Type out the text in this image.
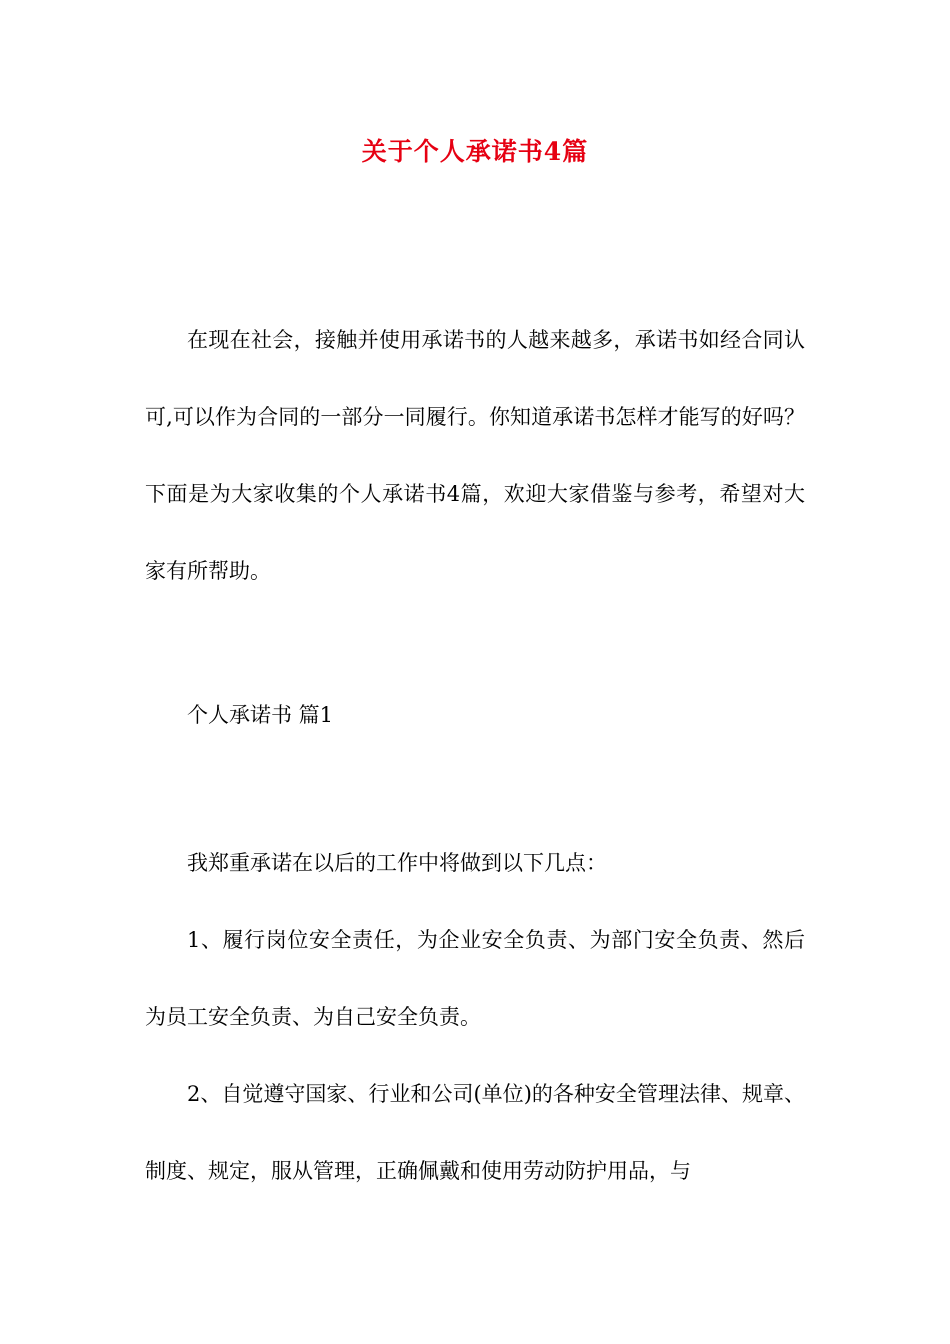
关于个人承诺书4篇

在现在社会，接触并使用承诺书的人越来越多，承诺书如经合同认可,可以作为合同的一部分一同履行。你知道承诺书怎样才能写的好吗？下面是为大家收集的个人承诺书4篇，欢迎大家借鉴与参考，希望对大家有所帮助。

个人承诺书 篇1

我郑重承诺在以后的工作中将做到以下几点：

1、履行岗位安全责任，为企业安全负责、为部门安全负责、然后为员工安全负责、为自己安全负责。

2、自觉遵守国家、行业和公司(单位)的各种安全管理法律、规章、制度、规定，服从管理，正确佩戴和使用劳动防护用品，与
